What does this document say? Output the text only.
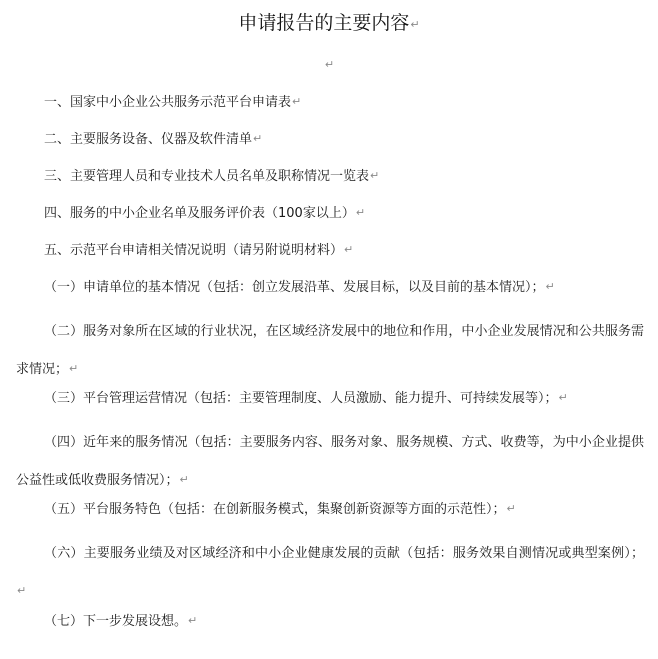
申请报告的主要内容↵
↵
一、国家中小企业公共服务示范平台申请表↵
二、主要服务设备、仪器及软件清单↵
三、主要管理人员和专业技术人员名单及职称情况一览表↵
四、服务的中小企业名单及服务评价表（100家以上）↵
五、示范平台申请相关情况说明（请另附说明材料）↵
（一）申请单位的基本情况（包括：创立发展沿革、发展目标，以及目前的基本情况）；↵
（二）服务对象所在区域的行业状况，在区域经济发展中的地位和作用，中小企业发展情况和公共服务需求情况；↵
（三）平台管理运营情况（包括：主要管理制度、人员激励、能力提升、可持续发展等）；↵
（四）近年来的服务情况（包括：主要服务内容、服务对象、服务规模、方式、收费等，为中小企业提供公益性或低收费服务情况）；↵
（五）平台服务特色（包括：在创新服务模式，集聚创新资源等方面的示范性）；↵
（六）主要服务业绩及对区域经济和中小企业健康发展的贡献（包括：服务效果自测情况或典型案例）；↵
（七）下一步发展设想。↵
